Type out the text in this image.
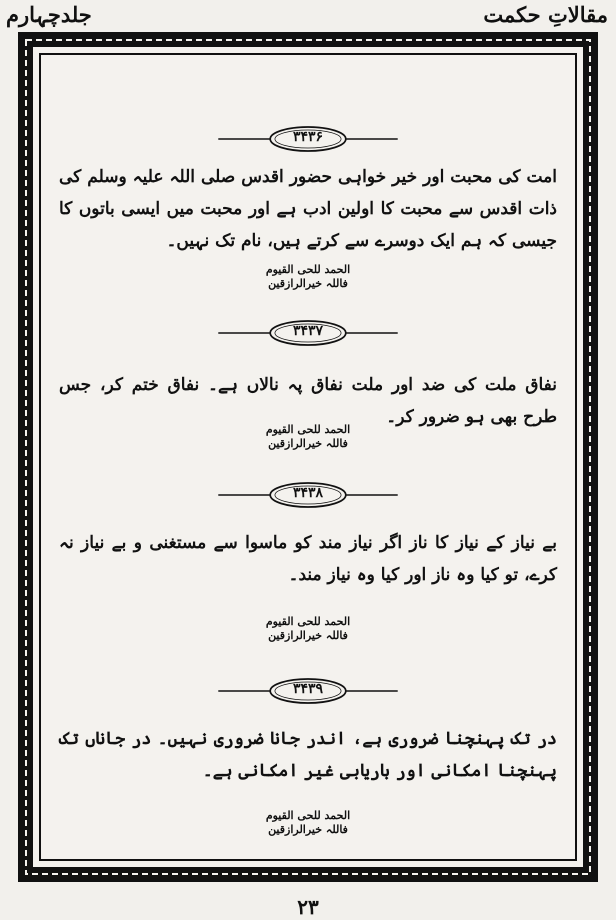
جلدچہارم	مقالاتِ حکمت
۳۴۳۶
امت کی محبت اور خیر خواہی حضور اقدس صلی اللہ علیہ وسلم کی ذات اقدس سے محبت کا اولین ادب ہے اور محبت میں ایسی باتوں کا جیسی کہ ہم ایک دوسرے سے کرتے ہیں، نام تک نہیں۔
الحمد للحی القیوم
فاللہ خیرالرازقین
۳۴۳۷
نفاق ملت کی ضد اور ملت نفاق پہ نالاں ہے۔ نفاق ختم کر، جس طرح بھی ہو ضرور کر۔
الحمد للحی القیوم
فاللہ خیرالرازقین
۳۴۳۸
بے نیاز کے نیاز کا ناز اگر نیاز مند کو ماسوا سے مستغنی و بے نیاز نہ کرے، تو کیا وہ ناز اور کیا وہ نیاز مند۔
الحمد للحی القیوم
فاللہ خیرالرازقین
۳۴۳۹
در تک پہنچنا ضروری ہے، اندر جانا ضروری نہیں۔ در جاناں تک پہنچنا امکانی اور باریابی غیر امکانی ہے۔
الحمد للحی القیوم
فاللہ خیرالرازقین
۲۳
